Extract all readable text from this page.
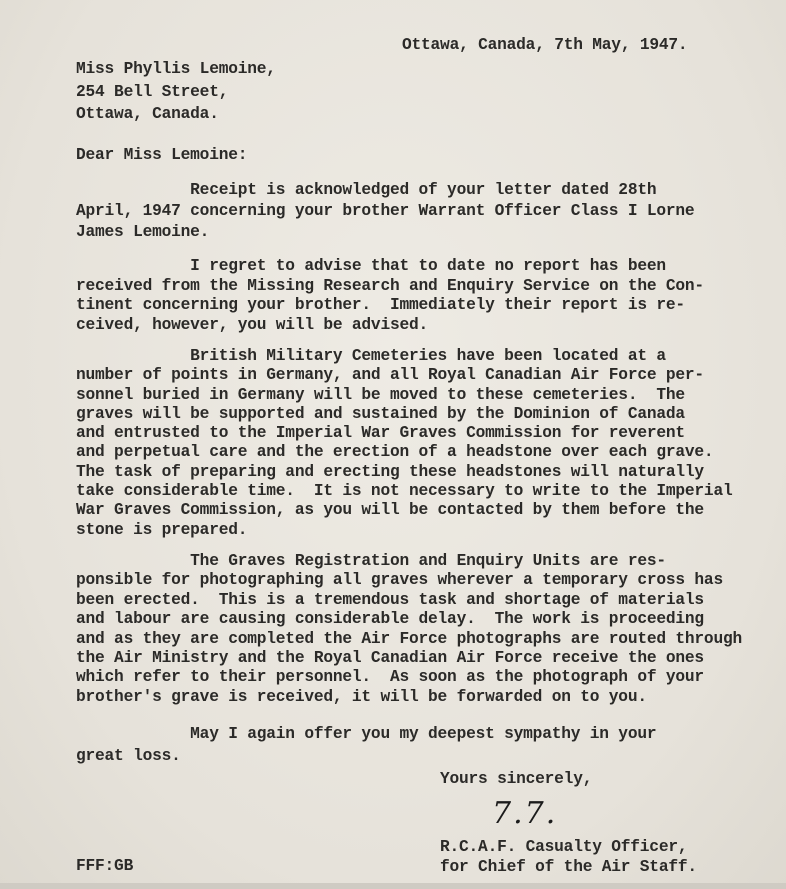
Ottawa, Canada, 7th May, 1947.
Miss Phyllis Lemoine,
254 Bell Street,
Ottawa, Canada.
Dear Miss Lemoine:
Receipt is acknowledged of your letter dated 28th
April, 1947 concerning your brother Warrant Officer Class I Lorne
James Lemoine.
I regret to advise that to date no report has been
received from the Missing Research and Enquiry Service on the Con-
tinent concerning your brother.  Immediately their report is re-
ceived, however, you will be advised.
British Military Cemeteries have been located at a
number of points in Germany, and all Royal Canadian Air Force per-
sonnel buried in Germany will be moved to these cemeteries.  The
graves will be supported and sustained by the Dominion of Canada
and entrusted to the Imperial War Graves Commission for reverent
and perpetual care and the erection of a headstone over each grave.
The task of preparing and erecting these headstones will naturally
take considerable time.  It is not necessary to write to the Imperial
War Graves Commission, as you will be contacted by them before the
stone is prepared.
The Graves Registration and Enquiry Units are res-
ponsible for photographing all graves wherever a temporary cross has
been erected.  This is a tremendous task and shortage of materials
and labour are causing considerable delay.  The work is proceeding
and as they are completed the Air Force photographs are routed through
the Air Ministry and the Royal Canadian Air Force receive the ones
which refer to their personnel.  As soon as the photograph of your
brother's grave is received, it will be forwarded on to you.
May I again offer you my deepest sympathy in your
great loss.
Yours sincerely,
7.7.
R.C.A.F. Casualty Officer,
for Chief of the Air Staff.
FFF:GB
